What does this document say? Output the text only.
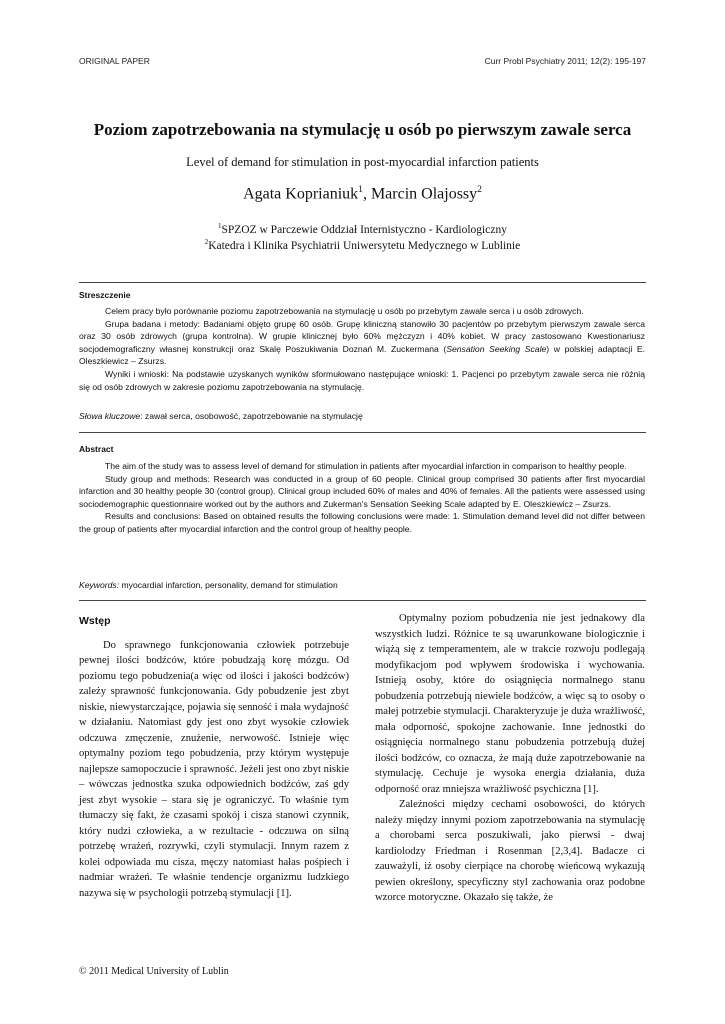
ORIGINAL PAPER	Curr Probl Psychiatry 2011; 12(2): 195-197
Poziom zapotrzebowania na stymulację u osób po pierwszym zawale serca
Level of demand for stimulation in post-myocardial infarction patients
Agata Koprianiuk$^1$, Marcin Olajossy$^2$
$^1$SPZOZ w Parczewie Oddział Internistyczno - Kardiologiczny
$^2$Katedra i Klinika Psychiatrii Uniwersytetu Medycznego w Lublinie
Streszczenie

Celem pracy było porównanie poziomu zapotrzebowania na stymulację u osób po przebytym zawale serca i u osób zdrowych.

Grupa badana i metody: Badaniami objęto grupę 60 osób. Grupę kliniczną stanowiło 30 pacjentów po przebytym pierwszym zawale serca oraz 30 osób zdrowych (grupa kontrolna). W grupie klinicznej było 60% mężczyzn i 40% kobiet. W pracy zastosowano Kwestionariusz socjodemograficzny własnej konstrukcji oraz Skalę Poszukiwania Doznań M. Zuckermana (Sensation Seeking Scale) w polskiej adaptacji E. Oleszkiewicz – Zsurzs.

Wyniki i wnioski: Na podstawie uzyskanych wyników sformułowano następujące wnioski: 1. Pacjenci po przebytym zawale serca nie różnią się od osób zdrowych w zakresie poziomu zapotrzebowania na stymulację.

Słowa kluczowe: zawał serca, osobowość, zapotrzebowanie na stymulację
Abstract

The aim of the study was to assess level of demand for stimulation in patients after myocardial infarction in comparison to healthy people.

Study group and methods: Research was conducted in a group of 60 people. Clinical group comprised 30 patients after first myocardial infarction and 30 healthy people 30 (control group). Clinical group included 60% of males and 40% of females. All the patients were assessed using sociodemographic questionnaire worked out by the authors and Zukerman's Sensation Seeking Scale adapted by E. Oleszkiewicz – Zsurzs.

Results and conclusions: Based on obtained results the following conclusions were made: 1. Stimulation demand level did not differ between the group of patients after myocardial infarction and the control group of healthy people.

Keywords: myocardial infarction, personality, demand for stimulation
Wstęp

Do sprawnego funkcjonowania człowiek potrzebuje pewnej ilości bodźców, które pobudzają korę mózgu. Od poziomu tego pobudzenia(a więc od ilości i jakości bodźców) zależy sprawność funkcjonowania. Gdy pobudzenie jest zbyt niskie, niewystarczające, pojawia się senność i mała wydajność w działaniu. Natomiast gdy jest ono zbyt wysokie człowiek odczuwa zmęczenie, znużenie, nerwowość. Istnieje więc optymalny poziom tego pobudzenia, przy którym występuje najlepsze samopoczucie i sprawność. Jeżeli jest ono zbyt niskie – wówczas jednostka szuka odpowiednich bodźców, zaś gdy jest zbyt wysokie – stara się je ograniczyć. To właśnie tym tłumaczy się fakt, że czasami spokój i cisza stanowi czynnik, który nudzi człowieka, a w rezultacie - odczuwa on silną potrzebę wrażeń, rozrywki, czyli stymulacji. Innym razem z kolei odpowiada mu cisza, męczy natomiast hałas pośpiech i nadmiar wrażeń. Te właśnie tendencje organizmu ludzkiego nazywa się w psychologii potrzebą stymulacji [1].

Optymalny poziom pobudzenia nie jest jednakowy dla wszystkich ludzi. Różnice te są uwarunkowane biologicznie i wiążą się z temperamentem, ale w trakcie rozwoju podlegają modyfikacjom pod wpływem środowiska i wychowania. Istnieją osoby, które do osiągnięcia normalnego stanu pobudzenia potrzebują niewiele bodźców, a więc są to osoby o małej potrzebie stymulacji. Charakteryzuje je duża wrażliwość, mała odporność, spokojne zachowanie. Inne jednostki do osiągnięcia normalnego stanu pobudzenia potrzebują dużej ilości bodźców, co oznacza, że mają duże zapotrzebowanie na stymulację. Cechuje je wysoka energia działania, duża odporność oraz mniejsza wrażliwość psychiczna [1].

Zależności między cechami osobowości, do których należy między innymi poziom zapotrzebowania na stymulację a chorobami serca poszukiwali, jako pierwsi - dwaj kardiolodzy Friedman i Rosenman [2,3,4]. Badacze ci zauważyli, iż osoby cierpiące na chorobę wieńcową wykazują pewien określony, specyficzny styl zachowania oraz podobne wzorce motoryczne. Okazało się także, że

© 2011 Medical University of Lublin
